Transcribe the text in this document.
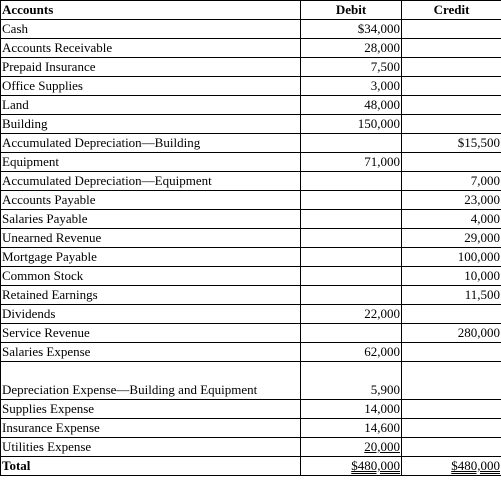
Accounts	Debit	Credit
Cash	$34,000	
Accounts Receivable	28,000	
Prepaid Insurance	7,500	
Office Supplies	3,000	
Land	48,000	
Building	150,000	
Accumulated Depreciation—Building		$15,500
Equipment	71,000	
Accumulated Depreciation—Equipment		7,000
Accounts Payable		23,000
Salaries Payable		4,000
Unearned Revenue		29,000
Mortgage Payable		100,000
Common Stock		10,000
Retained Earnings		11,500
Dividends	22,000	
Service Revenue		280,000
Salaries Expense	62,000	
Depreciation Expense—Building and Equipment	5,900	
Supplies Expense	14,000	
Insurance Expense	14,600	
Utilities Expense	20,000	
Total	$480,000	$480,000
